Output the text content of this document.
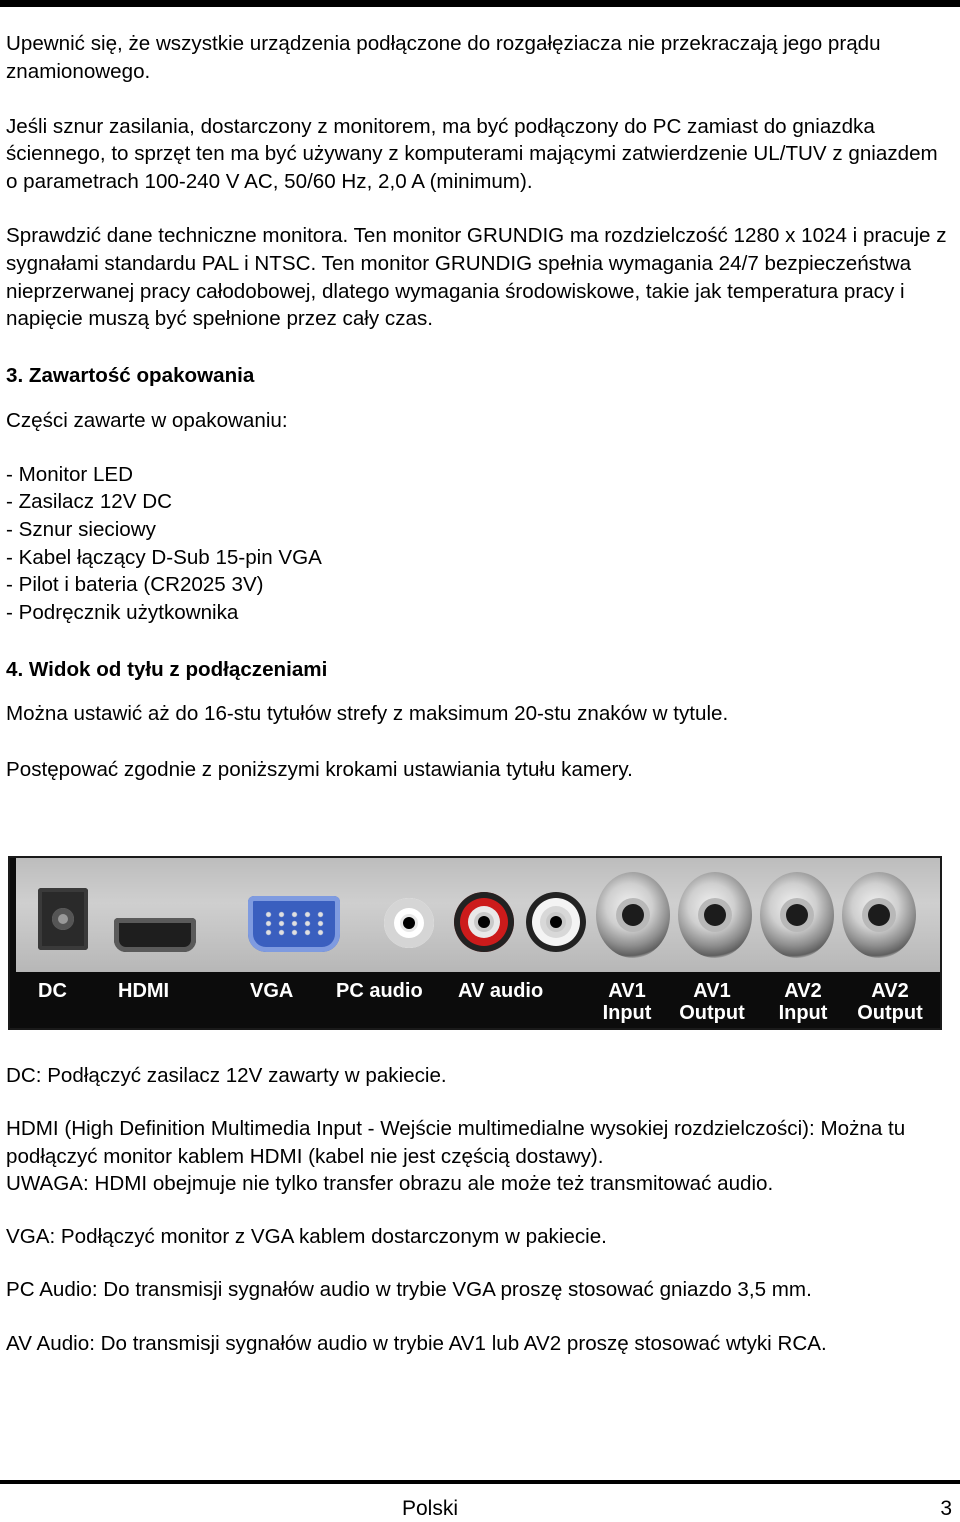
Upewnić się, że wszystkie urządzenia podłączone do rozgałęziacza nie przekraczają jego prądu znamionowego.

Jeśli sznur zasilania, dostarczony z monitorem, ma być podłączony do PC zamiast do gniazdka ściennego, to sprzęt ten ma być używany z komputerami mającymi zatwierdzenie UL/TUV z gniazdem o parametrach 100-240 V AC, 50/60 Hz, 2,0 A (minimum).

Sprawdzić dane techniczne monitora. Ten monitor GRUNDIG ma rozdzielczość 1280 x 1024 i pracuje z sygnałami standardu PAL i NTSC. Ten monitor GRUNDIG spełnia wymagania 24/7 bezpieczeństwa nieprzerwanej pracy całodobowej, dlatego wymagania środowiskowe, takie jak temperatura pracy i napięcie muszą być spełnione przez cały czas.

3. Zawartość opakowania

Części zawarte w opakowaniu:

- Monitor LED
- Zasilacz 12V DC
- Sznur sieciowy
- Kabel łączący D-Sub 15-pin VGA
- Pilot i bateria (CR2025 3V)
- Podręcznik użytkownika

4. Widok od tyłu z podłączeniami

Można ustawić aż do 16-stu tytułów strefy z maksimum 20-stu znaków w tytule.

Postępować zgodnie z poniższymi krokami ustawiania tytułu kamery.

DC	HDMI	VGA PC audio AV audio	AV1
Input
AV1
Output
AV2
Input
AV2
Output

DC: Podłączyć zasilacz 12V zawarty w pakiecie.

HDMI (High Definition Multimedia Input - Wejście multimedialne wysokiej rozdzielczości): Można tu podłączyć monitor kablem HDMI (kabel nie jest częścią dostawy).

UWAGA: HDMI obejmuje nie tylko transfer obrazu ale może też transmitować audio.

VGA: Podłączyć monitor z VGA kablem dostarczonym w pakiecie.

PC Audio: Do transmisji sygnałów audio w trybie VGA proszę stosować gniazdo 3,5 mm.

AV Audio: Do transmisji sygnałów audio w trybie AV1 lub AV2 proszę stosować wtyki RCA.

Polski	3
